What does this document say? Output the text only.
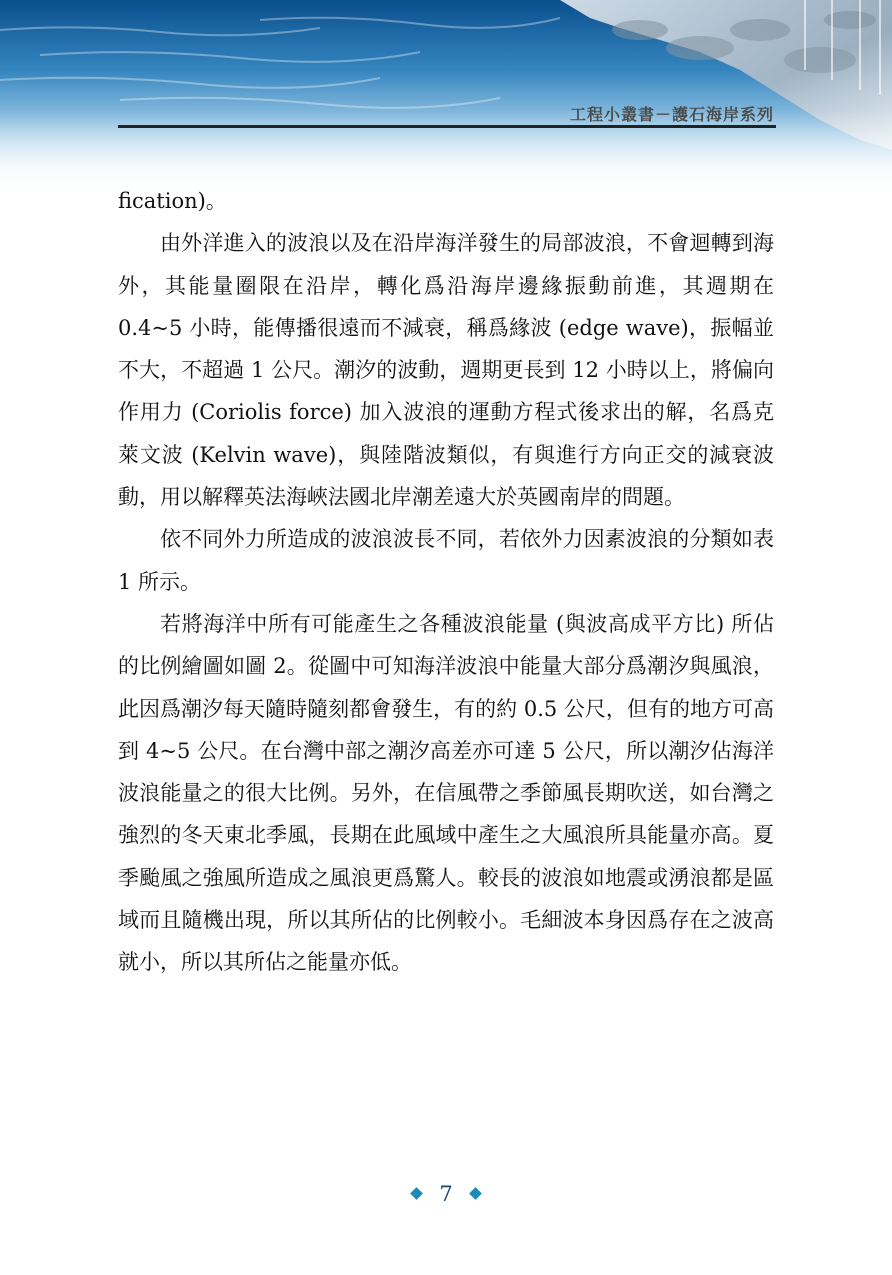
工程小叢書－護石海岸系列

fication)。

由外洋進入的波浪以及在沿岸海洋發生的局部波浪，不會迴轉到海外，其能量圈限在沿岸，轉化爲沿海岸邊緣振動前進，其週期在 0.4~5 小時，能傳播很遠而不減衰，稱爲緣波 (edge wave)，振幅並不大，不超過 1 公尺。潮汐的波動，週期更長到 12 小時以上，將偏向作用力 (Coriolis force) 加入波浪的運動方程式後求出的解，名爲克萊文波 (Kelvin wave)，與陸階波類似，有與進行方向正交的減衰波動，用以解釋英法海峽法國北岸潮差遠大於英國南岸的問題。

依不同外力所造成的波浪波長不同，若依外力因素波浪的分類如表 1 所示。

若將海洋中所有可能產生之各種波浪能量 (與波高成平方比) 所佔的比例繪圖如圖 2。從圖中可知海洋波浪中能量大部分爲潮汐與風浪，此因爲潮汐每天隨時隨刻都會發生，有的約 0.5 公尺，但有的地方可高到 4~5 公尺。在台灣中部之潮汐高差亦可達 5 公尺，所以潮汐佔海洋波浪能量之的很大比例。另外，在信風帶之季節風長期吹送，如台灣之強烈的冬天東北季風，長期在此風域中產生之大風浪所具能量亦高。夏季颱風之強風所造成之風浪更爲驚人。較長的波浪如地震或湧浪都是區域而且隨機出現，所以其所佔的比例較小。毛細波本身因爲存在之波高就小，所以其所佔之能量亦低。

7
